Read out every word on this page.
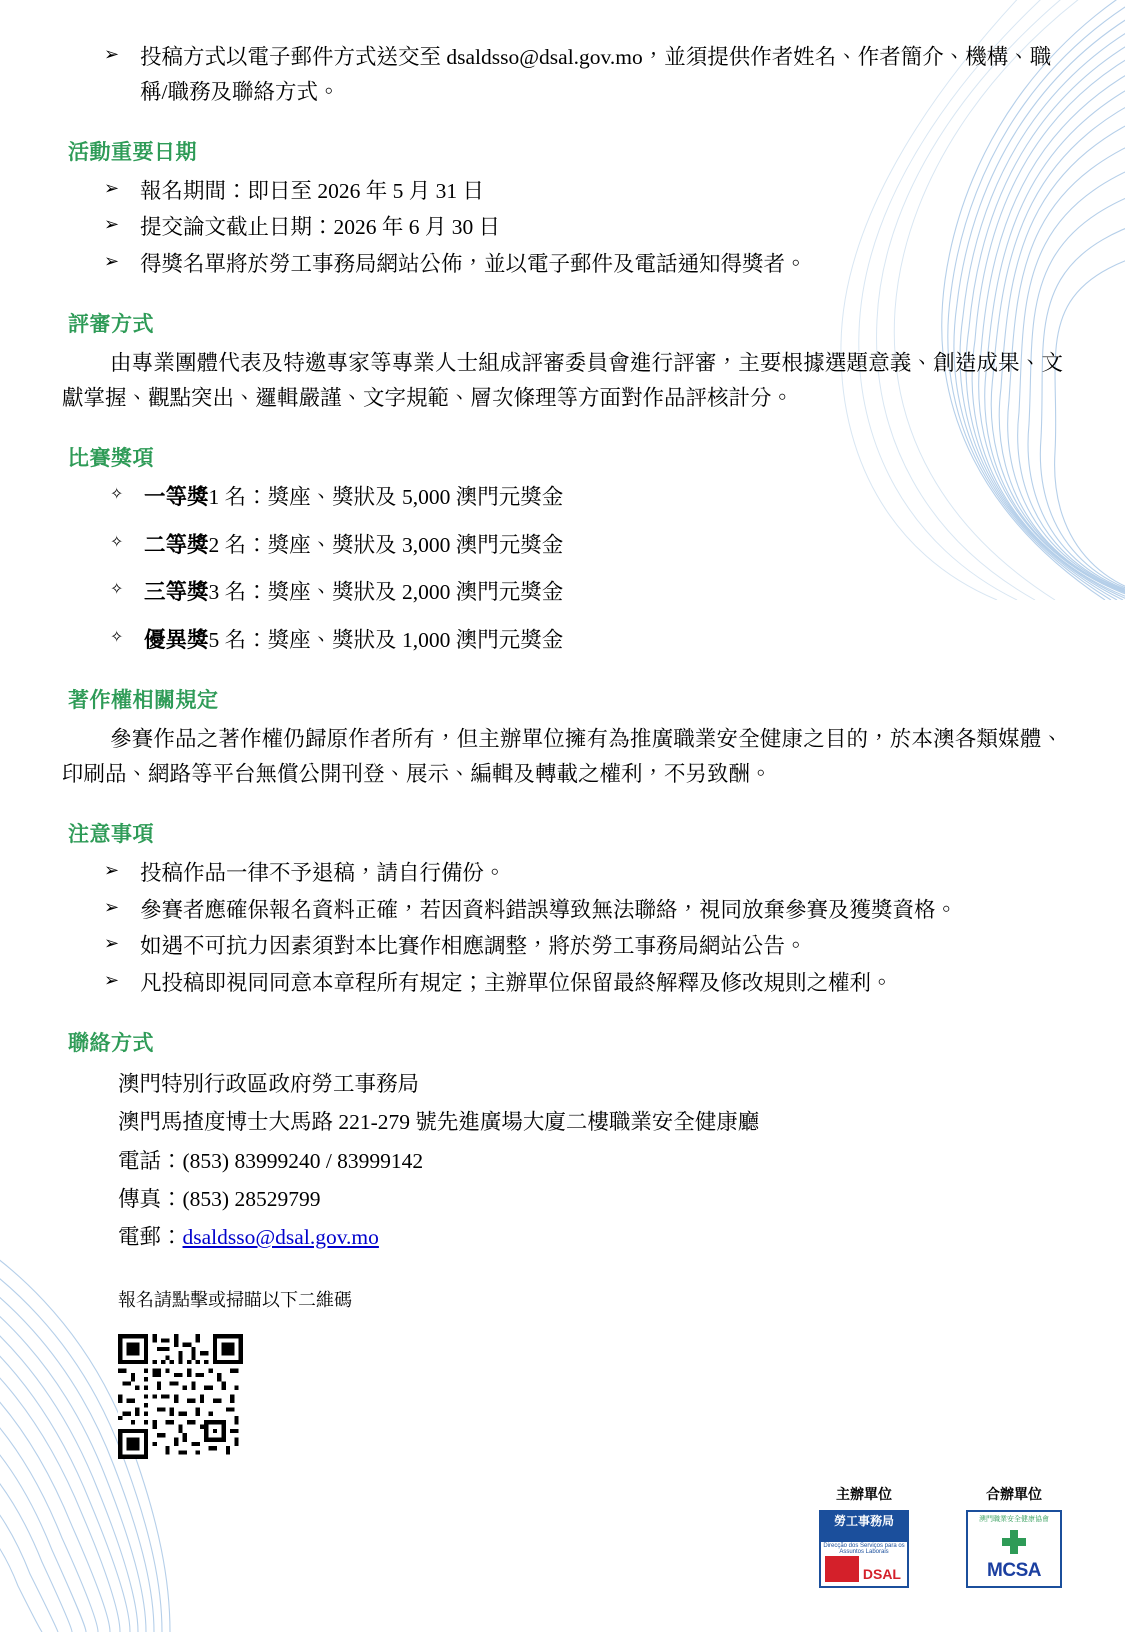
➢ 投稿方式以電子郵件方式送交至 dsaldsso@dsal.gov.mo，並須提供作者姓名、作者簡介、機構、職稱/職務及聯絡方式。
活動重要日期
➢ 報名期間：即日至 2026 年 5 月 31 日
➢ 提交論文截止日期：2026 年 6 月 30 日
➢ 得獎名單將於勞工事務局網站公佈，並以電子郵件及電話通知得獎者。
評審方式

由專業團體代表及特邀專家等專業人士組成評審委員會進行評審，主要根據選題意義、創造成果、文獻掌握、觀點突出、邏輯嚴謹、文字規範、層次條理等方面對作品評核計分。

比賽獎項
✧ 一等獎1 名：獎座、獎狀及 5,000 澳門元獎金
✧ 二等獎2 名：獎座、獎狀及 3,000 澳門元獎金
✧ 三等獎3 名：獎座、獎狀及 2,000 澳門元獎金
✧ 優異獎5 名：獎座、獎狀及 1,000 澳門元獎金
著作權相關規定

參賽作品之著作權仍歸原作者所有，但主辦單位擁有為推廣職業安全健康之目的，於本澳各類媒體、印刷品、網路等平台無償公開刊登、展示、編輯及轉載之權利，不另致酬。

注意事項
➢ 投稿作品一律不予退稿，請自行備份。
➢ 參賽者應確保報名資料正確，若因資料錯誤導致無法聯絡，視同放棄參賽及獲獎資格。
➢ 如遇不可抗力因素須對本比賽作相應調整，將於勞工事務局網站公告。
➢ 凡投稿即視同同意本章程所有規定；主辦單位保留最終解釋及修改規則之權利。
聯絡方式
澳門特別行政區政府勞工事務局
澳門馬揸度博士大馬路 221-279 號先進廣場大廈二樓職業安全健康廳
電話：(853) 83999240 / 83999142
傳真：(853) 28529799
電郵：dsaldsso@dsal.gov.mo
報名請點擊或掃瞄以下二維碼
主辦單位
勞工事務局
Direcção dos Serviços para os Assuntos Laborais
DSAL
合辦單位
澳門職業安全健康協會
MCSA
